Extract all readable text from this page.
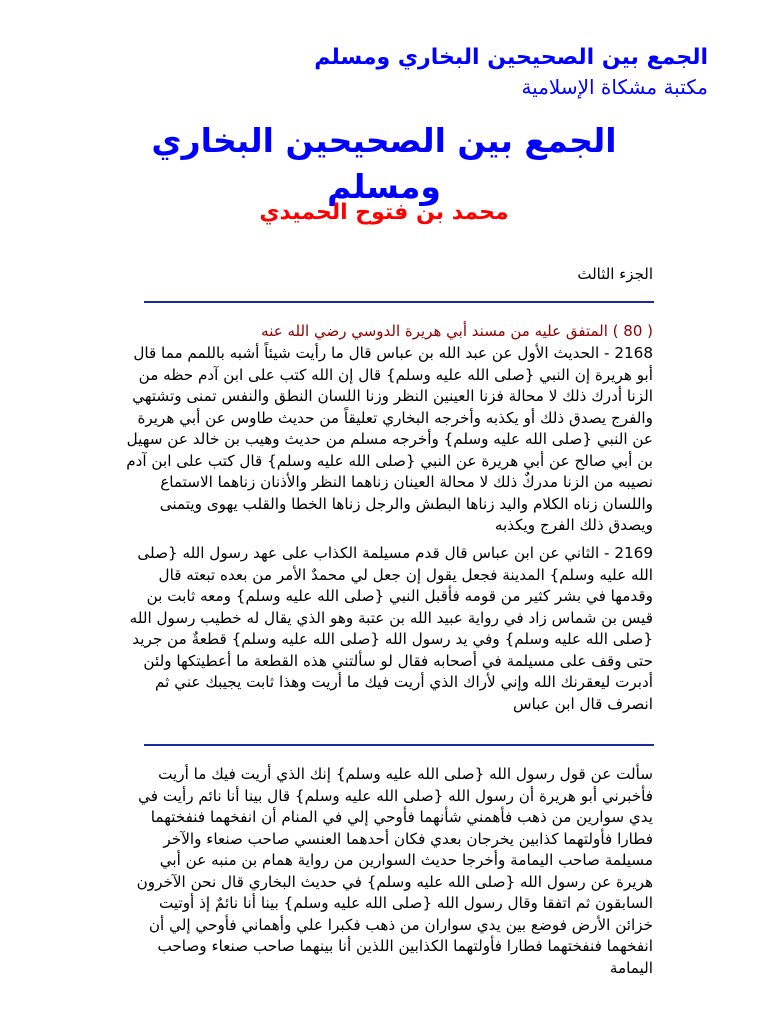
الجمع بين الصحيحين البخاري ومسلم
مكتبة مشكاة الإسلامية
الجمع بين الصحيحين البخاري ومسلم
محمد بن فتوح الحميدي
الجزء الثالث
( 80 ) المتفق عليه من مسند أبي هريرة الدوسي رضي الله عنه
2168 - الحديث الأول عن عبد الله بن عباس قال ما رأيت شيئاً أشبه باللمم مما قال أبو هريرة إن النبي {صلى الله عليه وسلم} قال إن الله كتب على ابن آدم حظه من الزنا أدرك ذلك لا محالة فزنا العينين النظر وزنا اللسان النطق والنفس تمنى وتشتهي والفرج يصدق ذلك أو يكذبه وأخرجه البخاري تعليقاً من حديث طاوس عن أبي هريرة عن النبي {صلى الله عليه وسلم} وأخرجه مسلم من حديث وهيب بن خالد عن سهيل بن أبي صالح عن أبي هريرة عن النبي {صلى الله عليه وسلم} قال كتب على ابن آدم نصيبه من الزنا مدركٌ ذلك لا محالة العينان زناهما النظر والأذنان زناهما الاستماع واللسان زناه الكلام واليد زناها البطش والرجل زناها الخطا والقلب يهوى ويتمنى ويصدق ذلك الفرج ويكذبه
2169 - الثاني عن ابن عباس قال قدم مسيلمة الكذاب على عهد رسول الله {صلى الله عليه وسلم} المدينة فجعل يقول إن جعل لي محمدٌ الأمر من بعده تبعته قال وقدمها في بشر كثير من قومه فأقبل النبي {صلى الله عليه وسلم} ومعه ثابت بن قيس بن شماس زاد في رواية عبيد الله بن عتبة وهو الذي يقال له خطيب رسول الله {صلى الله عليه وسلم} وفي يد رسول الله {صلى الله عليه وسلم} قطعةٌ من جريد حتى وقف على مسيلمة في أصحابه فقال لو سألتني هذه القطعة ما أعطيتكها ولئن أدبرت ليعقرنك الله وإني لأراك الذي أريت فيك ما أريت وهذا ثابت يجيبك عني ثم انصرف قال ابن عباس
سألت عن قول رسول الله {صلى الله عليه وسلم} إنك الذي أريت فيك ما أريت فأخبرني أبو هريرة أن رسول الله {صلى الله عليه وسلم} قال بينا أنا نائم رأيت في يدي سوارين من ذهب فأهمني شأنهما فأوحي إلي في المنام أن انفخهما فنفختهما فطارا فأولتهما كذابين يخرجان بعدي فكان أحدهما العنسي صاحب صنعاء والآخر مسيلمة صاحب اليمامة وأخرجا حديث السوارين من رواية همام بن منبه عن أبي هريرة عن رسول الله {صلى الله عليه وسلم} في حديث البخاري قال نحن الآخرون السابقون ثم اتفقا وقال رسول الله {صلى الله عليه وسلم} بينا أنا نائمٌ إذ أوتيت خزائن الأرض فوضع بين يدي سواران من ذهب فكبرا علي وأهماني فأوحي إلي أن انفخهما فنفختهما فطارا فأولتهما الكذابين اللذين أنا بينهما صاحب صنعاء وصاحب اليمامة
